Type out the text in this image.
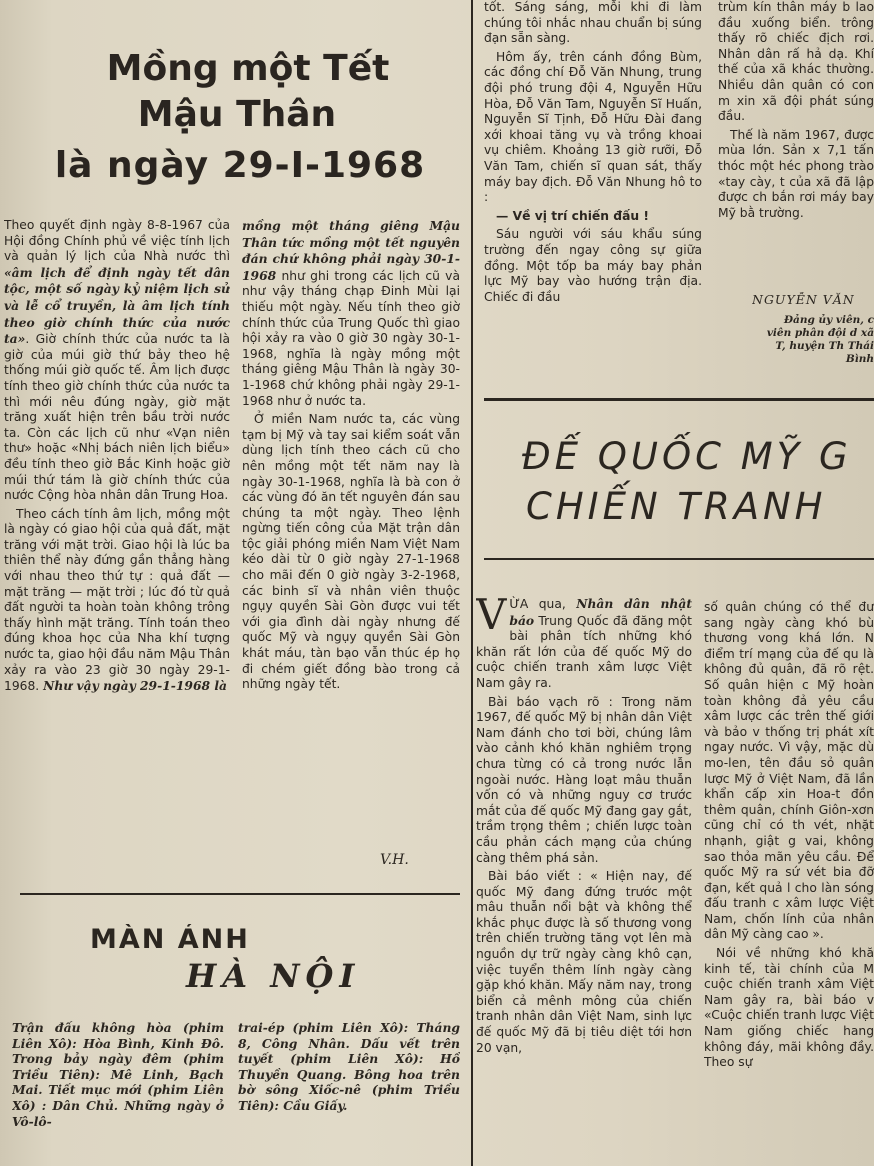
Mồng một Tết
Mậu Thân
là ngày 29-I-1968

Theo quyết định ngày 8-8-1967 của Hội đồng Chính phủ về việc tính lịch và quản lý lịch của Nhà nước thì «âm lịch để định ngày tết dân tộc, một số ngày kỷ niệm lịch sử và lễ cổ truyền, là âm lịch tính theo giờ chính thức của nước ta». Giờ chính thức của nước ta là giờ của múi giờ thứ bảy theo hệ thống múi giờ quốc tế. Âm lịch được tính theo giờ chính thức của nước ta thì mới nêu đúng ngày, giờ mặt trăng xuất hiện trên bầu trời nước ta. Còn các lịch cũ như «Vạn niên thư» hoặc «Nhị bách niên lịch biểu» đều tính theo giờ Bắc Kinh hoặc giờ múi thứ tám là giờ chính thức của nước Cộng hòa nhân dân Trung Hoa.

Theo cách tính âm lịch, mồng một là ngày có giao hội của quả đất, mặt trăng với mặt trời. Giao hội là lúc ba thiên thể này đứng gần thẳng hàng với nhau theo thứ tự : quả đất — mặt trăng — mặt trời ; lúc đó từ quả đất người ta hoàn toàn không trông thấy hình mặt trăng. Tính toán theo đúng khoa học của Nha khí tượng nước ta, giao hội đầu năm Mậu Thân xảy ra vào 23 giờ 30 ngày 29-1-1968. Như vậy ngày 29-1-1968 là

mồng một tháng giêng Mậu Thân tức mồng một tết nguyên đán chứ không phải ngày 30-1-1968 như ghi trong các lịch cũ và như vậy tháng chạp Đinh Mùi lại thiếu một ngày. Nếu tính theo giờ chính thức của Trung Quốc thì giao hội xảy ra vào 0 giờ 30 ngày 30-1-1968, nghĩa là ngày mồng một tháng giêng Mậu Thân là ngày 30-1-1968 chứ không phải ngày 29-1-1968 như ở nước ta.

Ở miền Nam nước ta, các vùng tạm bị Mỹ và tay sai kiểm soát vẫn dùng lịch tính theo cách cũ cho nên mồng một tết năm nay là ngày 30-1-1968, nghĩa là bà con ở các vùng đó ăn tết nguyên đán sau chúng ta một ngày. Theo lệnh ngừng tiến công của Mặt trận dân tộc giải phóng miền Nam Việt Nam kéo dài từ 0 giờ ngày 27-1-1968 cho mãi đến 0 giờ ngày 3-2-1968, các binh sĩ và nhân viên thuộc ngụy quyền Sài Gòn được vui tết với gia đình dài ngày nhưng đế quốc Mỹ và ngụy quyền Sài Gòn khát máu, tàn bạo vẫn thúc ép họ đi chém giết đồng bào trong cả những ngày tết.

V.H.
MÀN ẢNH
HÀ NỘI

Trận đấu không hòa (phim Liên Xô): Hòa Bình, Kinh Đô. Trong bảy ngày đêm (phim Triều Tiên): Mê Linh, Bạch Mai. Tiết mục mới (phim Liên Xô) : Dân Chủ. Những ngày ở Vô-lô-

trai-ép (phim Liên Xô): Tháng 8, Công Nhân. Dấu vết trên tuyết (phim Liên Xô): Hồ Thuyền Quang. Bông hoa trên bờ sông Xiốc-nê (phim Triều Tiên): Cầu Giấy.

tốt. Sáng sáng, mỗi khi đi làm chúng tôi nhắc nhau chuẩn bị súng đạn sẵn sàng.

Hôm ấy, trên cánh đồng Bùm, các đồng chí Đỗ Văn Nhung, trung đội phó trung đội 4, Nguyễn Hữu Hòa, Đỗ Văn Tam, Nguyễn Sĩ Huấn, Nguyễn Sĩ Tịnh, Đỗ Hữu Đài đang xới khoai tăng vụ và trồng khoai vụ chiêm. Khoảng 13 giờ rưỡi, Đỗ Văn Tam, chiến sĩ quan sát, thấy máy bay địch. Đỗ Văn Nhung hô to :

— Về vị trí chiến đấu !

Sáu người với sáu khẩu súng trường đến ngay công sự giữa đồng. Một tốp ba máy bay phản lực Mỹ bay vào hướng trận địa. Chiếc đi đầu

trùm kín thân máy b lao đầu xuống biển. trông thấy rõ chiếc địch rơi. Nhân dân rấ hả dạ. Khí thế của xã khác thường. Nhiều dân quân có con m xin xã đội phát súng đầu.

Thế là năm 1967, được mùa lớn. Sản x 7,1 tấn thóc một héc phong trào «tay cày, t của xã đã lập được ch bắn rơi máy bay Mỹ bằ trường.

NGUYỄN VĂN
Đảng ủy viên, c viên phân đội d xã T, huyện Th Thái Bình
ĐẾ QUỐC MỸ G
CHIẾN TRANH

VỪA qua, Nhân dân nhật báo Trung Quốc đã đăng một bài phân tích những khó khăn rất lớn của đế quốc Mỹ do cuộc chiến tranh xâm lược Việt Nam gây ra.

Bài báo vạch rõ : Trong năm 1967, đế quốc Mỹ bị nhân dân Việt Nam đánh cho tơi bời, chúng lâm vào cảnh khó khăn nghiêm trọng chưa từng có cả trong nước lẫn ngoài nước. Hàng loạt mâu thuẫn vốn có và những nguy cơ trước mắt của đế quốc Mỹ đang gay gắt, trầm trọng thêm ; chiến lược toàn cầu phản cách mạng của chúng càng thêm phá sản.

Bài báo viết : « Hiện nay, đế quốc Mỹ đang đứng trước một mâu thuẫn nổi bật và không thể khắc phục được là số thương vong trên chiến trường tăng vọt lên mà nguồn dự trữ ngày càng khô cạn, việc tuyển thêm lính ngày càng gặp khó khăn. Mấy năm nay, trong biển cả mênh mông của chiến tranh nhân dân Việt Nam, sinh lực đế quốc Mỹ đã bị tiêu diệt tới hơn 20 vạn,

số quân chúng có thể đư sang ngày càng khó bù thương vong khá lớn. N điểm trí mạng của đế qu là không đủ quân, đã rõ rệt. Số quân hiện c Mỹ hoàn toàn không đả yêu cầu xâm lược các trên thế giới và bảo v thống trị phát xít ngay nước. Vì vậy, mặc dù mo-len, tên đầu sỏ quân lược Mỹ ở Việt Nam, đã lần khẩn cấp xin Hoa-t đồn thêm quân, chính Giôn-xơn cũng chỉ có th vét, nhặt nhạnh, giật g vai, không sao thỏa mãn yêu cầu. Để quốc Mỹ ra sứ vét bia đỡ đạn, kết quả l cho làn sóng đấu tranh c xâm lược Việt Nam, chốn lính của nhân dân Mỹ càng cao ».

Nói về những khó khă kinh tế, tài chính của M cuộc chiến tranh xâm Việt Nam gây ra, bài báo v «Cuộc chiến tranh lược Việt Nam giống chiếc hang không đáy, mãi không đầy. Theo sự
